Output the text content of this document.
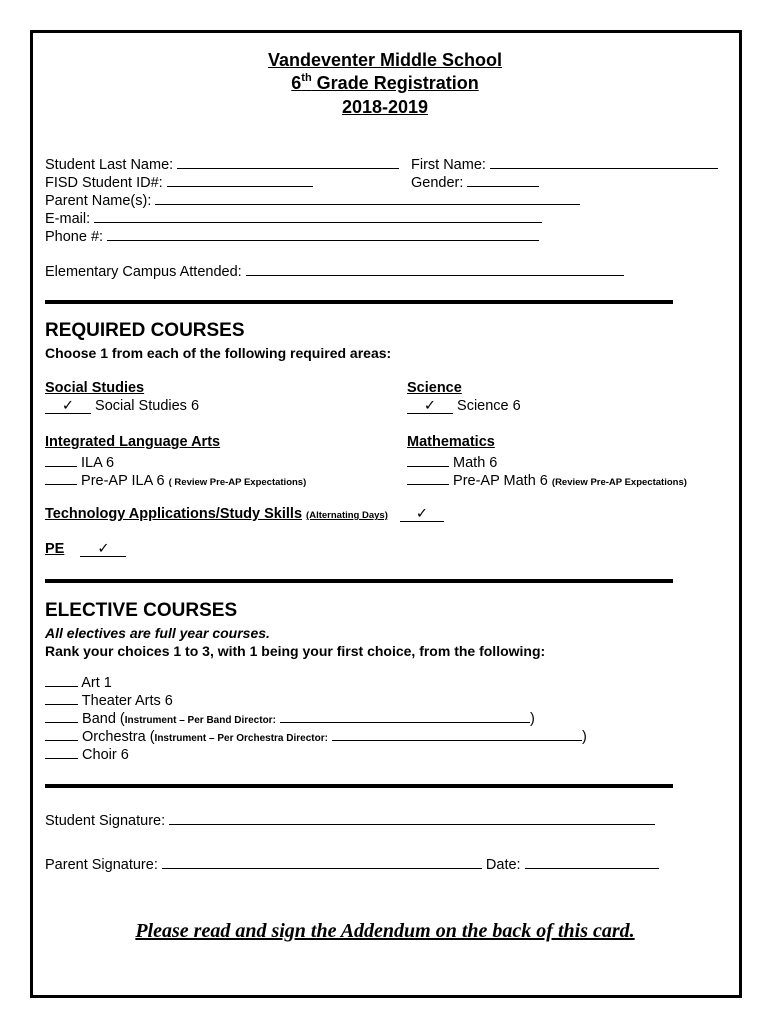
Vandeventer Middle School
6th Grade Registration
2018-2019
Student Last Name:	First Name:
FISD Student ID#:	Gender:
Parent Name(s):
E-mail:
Phone #:
Elementary Campus Attended:
REQUIRED COURSES
Choose 1 from each of the following required areas:
Social Studies
✓ Social Studies 6
Science
✓ Science 6
Integrated Language Arts
ILA 6
Pre-AP ILA 6 ( Review Pre-AP Expectations)
Mathematics
Math 6
Pre-AP Math 6 (Review Pre-AP Expectations)
Technology Applications/Study Skills (Alternating Days) ✓
PE ✓
ELECTIVE COURSES
All electives are full year courses.
Rank your choices 1 to 3, with 1 being your first choice, from the following:
Art 1
Theater Arts 6
Band (Instrument – Per Band Director:	)
Orchestra (Instrument – Per Orchestra Director:	)
Choir 6
Student Signature:
Parent Signature:	Date:
Please read and sign the Addendum on the back of this card.
